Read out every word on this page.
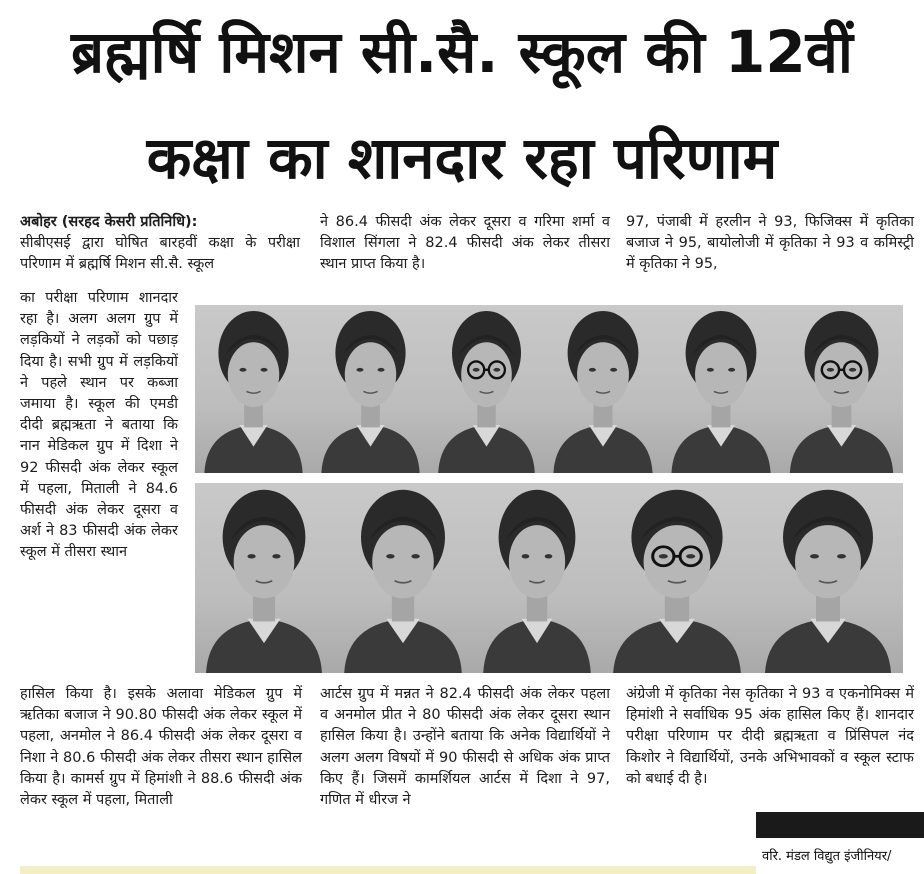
ब्रह्मर्षि मिशन सी.सै. स्कूल की 12वीं
कक्षा का शानदार रहा परिणाम

अबोहर (सरहद केसरी प्रतिनिधि):

सीबीएसई द्वारा घोषित बारहवीं कक्षा के परीक्षा परिणाम में ब्रह्मर्षि मिशन सी.सै. स्कूल

का परीक्षा परिणाम शानदार रहा है। अलग अलग ग्रुप में लड़कियों ने लड़कों को पछाड़ दिया है। सभी ग्रुप में लड़कियों ने पहले स्थान पर कब्जा जमाया है। स्कूल की एमडी दीदी ब्रह्मऋता ने बताया कि नान मेडिकल ग्रुप में दिशा ने 92 फीसदी अंक लेकर स्कूल में पहला, मिताली ने 84.6 फीसदी अंक लेकर दूसरा व अर्श ने 83 फीसदी अंक लेकर स्कूल में तीसरा स्थान
ने 86.4 फीसदी अंक लेकर दूसरा व गरिमा शर्मा व विशाल सिंगला ने 82.4 फीसदी अंक लेकर तीसरा स्थान प्राप्त किया है।
97, पंजाबी में हरलीन ने 93, फिजिक्स में कृतिका बजाज ने 95, बायोलोजी में कृतिका ने 93 व कमिस्ट्री में कृतिका ने 95,
हासिल किया है। इसके अलावा मेडिकल ग्रुप में ऋतिका बजाज ने 90.80 फीसदी अंक लेकर स्कूल में पहला, अनमोल ने 86.4 फीसदी अंक लेकर दूसरा व निशा ने 80.6 फीसदी अंक लेकर तीसरा स्थान हासिल किया है। कामर्स ग्रुप में हिमांशी ने 88.6 फीसदी अंक लेकर स्कूल में पहला, मिताली
आर्टस ग्रुप में मन्नत ने 82.4 फीसदी अंक लेकर पहला व अनमोल प्रीत ने 80 फीसदी अंक लेकर दूसरा स्थान हासिल किया है। उन्होंने बताया कि अनेक विद्यार्थियों ने अलग अलग विषयों में 90 फीसदी से अधिक अंक प्राप्त किए हैं। जिसमें कामर्शियल आर्टस में दिशा ने 97, गणित में धीरज ने
अंग्रेजी में कृतिका नेस कृतिका ने 93 व एकनोमिक्स में हिमांशी ने सर्वाधिक 95 अंक हासिल किए हैं। शानदार परीक्षा परिणाम पर दीदी ब्रह्मऋता व प्रिंसिपल नंद किशोर ने विद्यार्थियों, उनके अभिभावकों व स्कूल स्टाफ को बधाई दी है।
वरि. मंडल विद्युत इंजीनियर/
